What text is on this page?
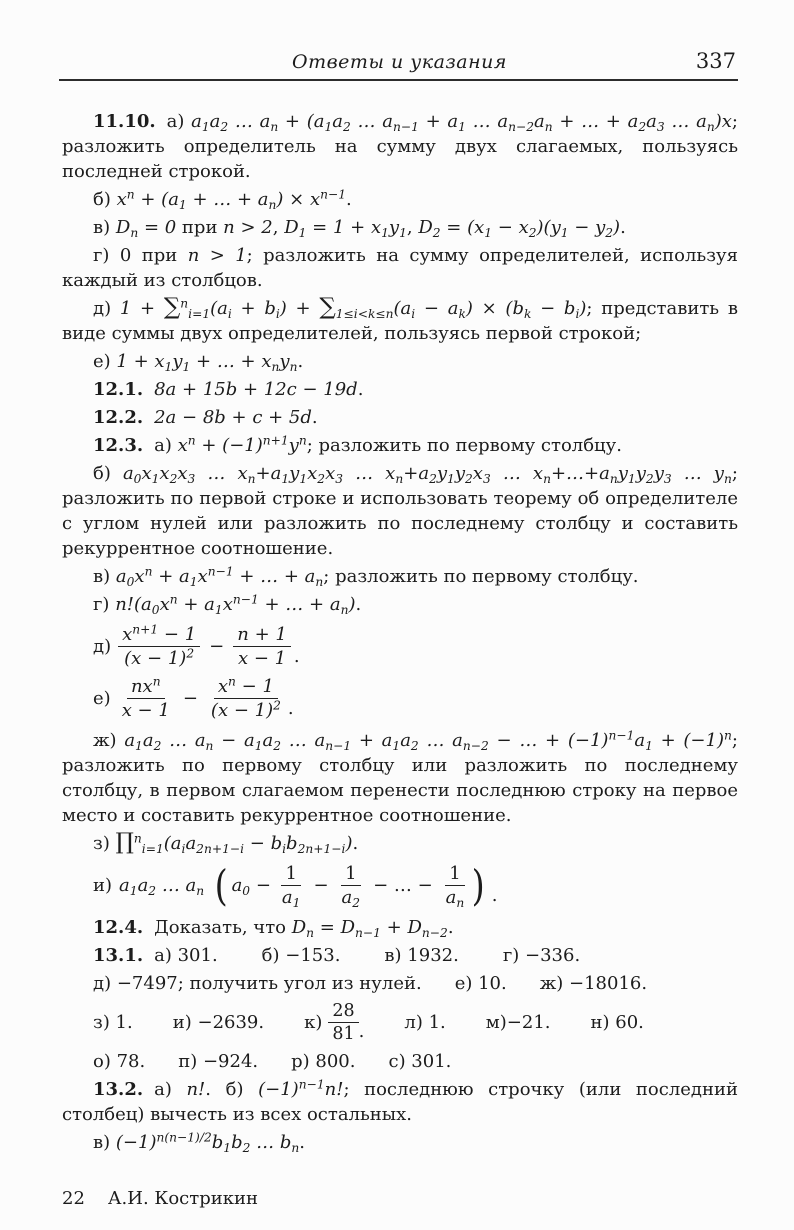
Ответы и указания	337

11.10. а) $a_1a_2$ … $a_n + (a_1a_2$ … $a_{n-1} + a_1$ … $a_{n-2}a_n$ + … + $a_2a_3$ … $a_n)x$; разложить определитель на сумму двух слагаемых, пользуясь последней строкой.

б) $x^n + (a_1$ + … + $a_n) \times x^{n-1}$.

в) $D_n = 0$ при n > 2, $D_1 = 1 + x_1y_1$, $D_2 = (x_1 - x_2)(y_1 - y_2)$.

г) 0 при n > 1; разложить на сумму определителей, используя каждый из столбцов.

д) $1 + \sum^n_{i=1}(a_i + b_i) + \sum_{1\le i<k\le n}(a_i - a_k) \times (b_k - b_i)$; представить в виде суммы двух определителей, пользуясь первой строкой;

е) $1 + x_1y_1$ + … + $x_ny_n$.

12.1. 8a + 15b + 12c − 19d.

12.2. 2a − 8b + c + 5d.

12.3. а) $x^n + (-1)^{n+1}y^n$; разложить по первому столбцу.

б) $a_0x_1x_2x_3$ … $x_n+a_1y_1x_2x_3$ … $x_n+a_2y_1y_2x_3$ … $x_n+\dots+a_ny_1y_2y_3$ … $y_n$; разложить по первой строке и использовать теорему об определителе с углом нулей или разложить по последнему столбцу и составить рекуррентное соотношение.

в) $a_0x^n + a_1x^{n-1}$ + … + $a_n$; разложить по первому столбцу.

г) $n!(a_0x^n + a_1x^{n-1}$ + … + $a_n$).

$д) \frac{x^{n+1} - 1}{(x - 1)^2} - \frac{n + 1}{x - 1}$ .

$е) \frac{nx^n}{x - 1} - \frac{x^n - 1}{(x - 1)^2}$ .

ж) $a_1a_2$ … $a_n - a_1a_2$ … $a_{n-1} + a_1a_2$ … $a_{n-2}$ − … + $(-1)^{n-1}a_1 + (-1)^n$; разложить по первому столбцу или разложить по последнему столбцу, в первом слагаемом перенести последнюю строку на первое место и составить рекуррентное соотношение.

з) $\prod^n_{i=1}(a_ia_{2n+1-i} - b_ib_{2n+1-i})$.

и) $a_1a_2$ … $a_n$ ( $a_0 - \frac{1}{a_1} - \frac{1}{a_2}$ − … − $\frac{1}{a_n}$ ) .

12.4. Доказать, что $D_n = D_{n-1} + D_{n-2}$.

13.1. а) 301. б) −153. в) 1932. г) −336.

д) −7497; получить угол из нулей. е) 10. ж) −18016.

з) 1. и) −2639. $к) \frac{28}{81}$ . л) 1. м)−21. н) 60.

о) 78. п) −924. р) 800. с) 301.

13.2. а) n!. б) $(-1)^{n-1}n$!; последнюю строчку (или последний столбец) вычесть из всех остальных.

в) $(-1)^{n(n-1)/2}b_1b_2$ … $b_n$.

22 А.И. Кострикин
